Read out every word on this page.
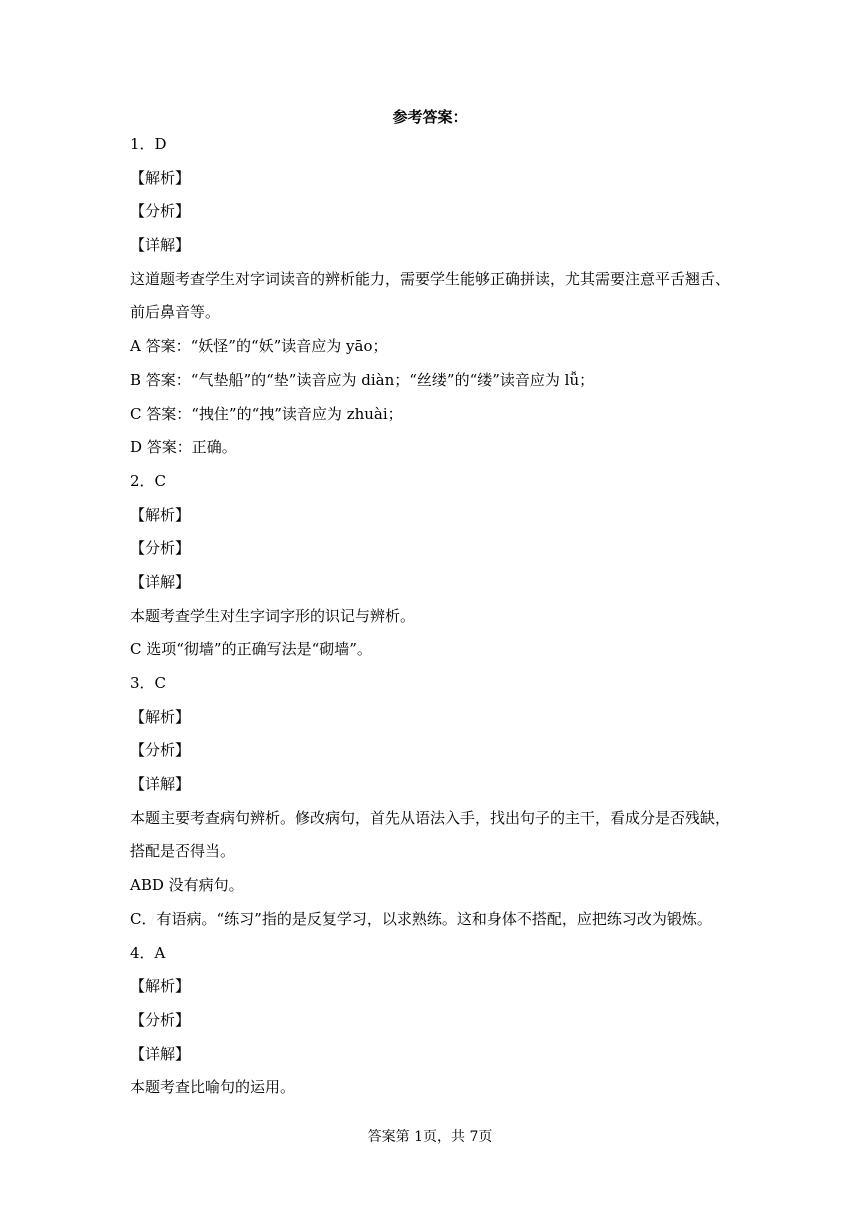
参考答案：
1．D
【解析】
【分析】
【详解】
这道题考查学生对字词读音的辨析能力，需要学生能够正确拼读，尤其需要注意平舌翘舌、
前后鼻音等。
A 答案：“妖怪”的“妖”读音应为 yāo；
B 答案：“气垫船”的“垫”读音应为 diàn；“丝缕”的“缕”读音应为 lǚ；
C 答案：“拽住”的“拽”读音应为 zhuài；
D 答案：正确。
2．C
【解析】
【分析】
【详解】
本题考查学生对生字词字形的识记与辨析。
C 选项“彻墙”的正确写法是“砌墙”。
3．C
【解析】
【分析】
【详解】
本题主要考查病句辨析。修改病句，首先从语法入手，找出句子的主干，看成分是否残缺，
搭配是否得当。
ABD 没有病句。
C．有语病。“练习”指的是反复学习，以求熟练。这和身体不搭配，应把练习改为锻炼。
4．A
【解析】
【分析】
【详解】
本题考查比喻句的运用。
答案第 1页，共 7页
